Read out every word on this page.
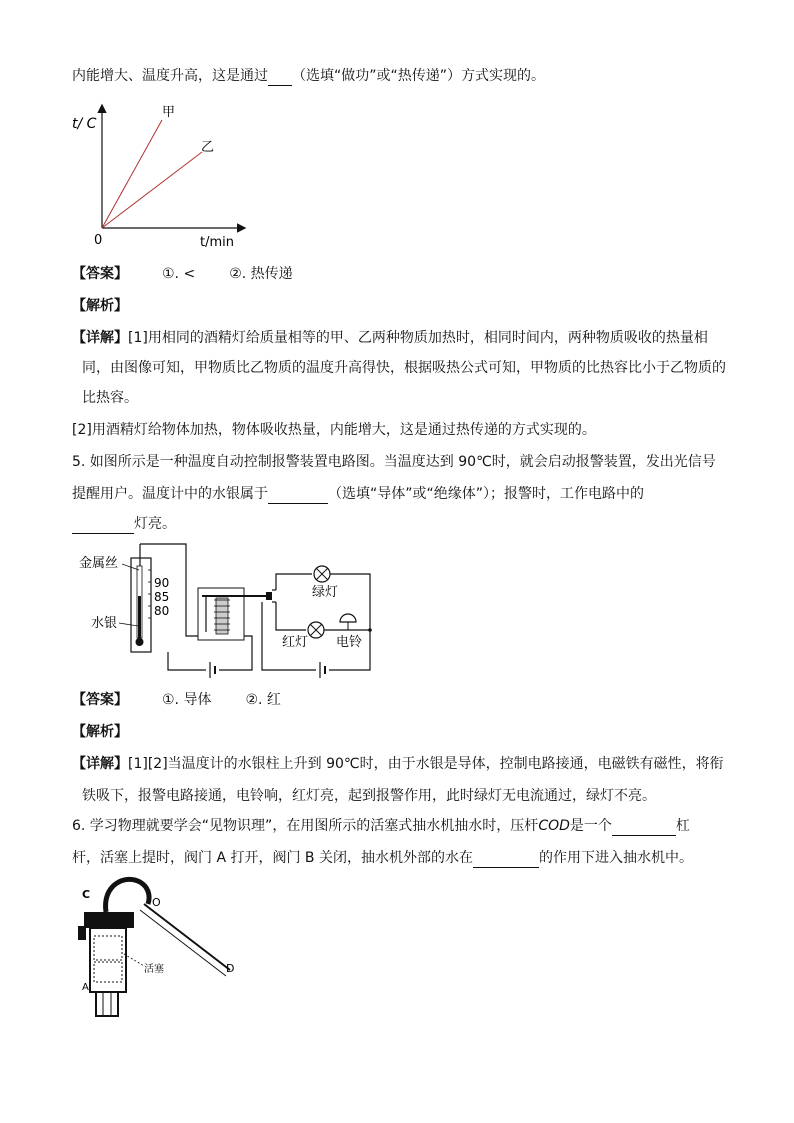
内能增大、温度升高，这是通过 （选填“做功”或“热传递”）方式实现的。
t/ C
t/min
0
甲
乙
【答案】 ①. < ②. 热传递
【解析】
【详解】[1]用相同的酒精灯给质量相等的甲、乙两种物质加热时，相同时间内，两种物质吸收的热量相
同，由图像可知，甲物质比乙物质的温度升高得快，根据吸热公式可知，甲物质的比热容比小于乙物质的
比热容。
[2]用酒精灯给物体加热，物体吸收热量，内能增大，这是通过热传递的方式实现的。
5. 如图所示是一种温度自动控制报警装置电路图。当温度达到 90℃时，就会启动报警装置，发出光信号
提醒用户。温度计中的水银属于	（选填“导体”或“绝缘体”）；报警时，工作电路中的
灯亮。
90
85
80
金属丝
水银
绿灯
红灯 电铃
【答案】 ①. 导体 ②. 红
【解析】
【详解】[1][2]当温度计的水银柱上升到 90℃时，由于水银是导体，控制电路接通，电磁铁有磁性，将衔
铁吸下，报警电路接通，电铃响，红灯亮，起到报警作用，此时绿灯无电流通过，绿灯不亮。
6. 学习物理就要学会“见物识理”，在用图所示的活塞式抽水机抽水时，压杆COD是一个	杠
杆，活塞上提时，阀门 A 打开，阀门 B 关闭，抽水机外部的水在	的作用下进入抽水机中。
C
O
D
活塞
A
